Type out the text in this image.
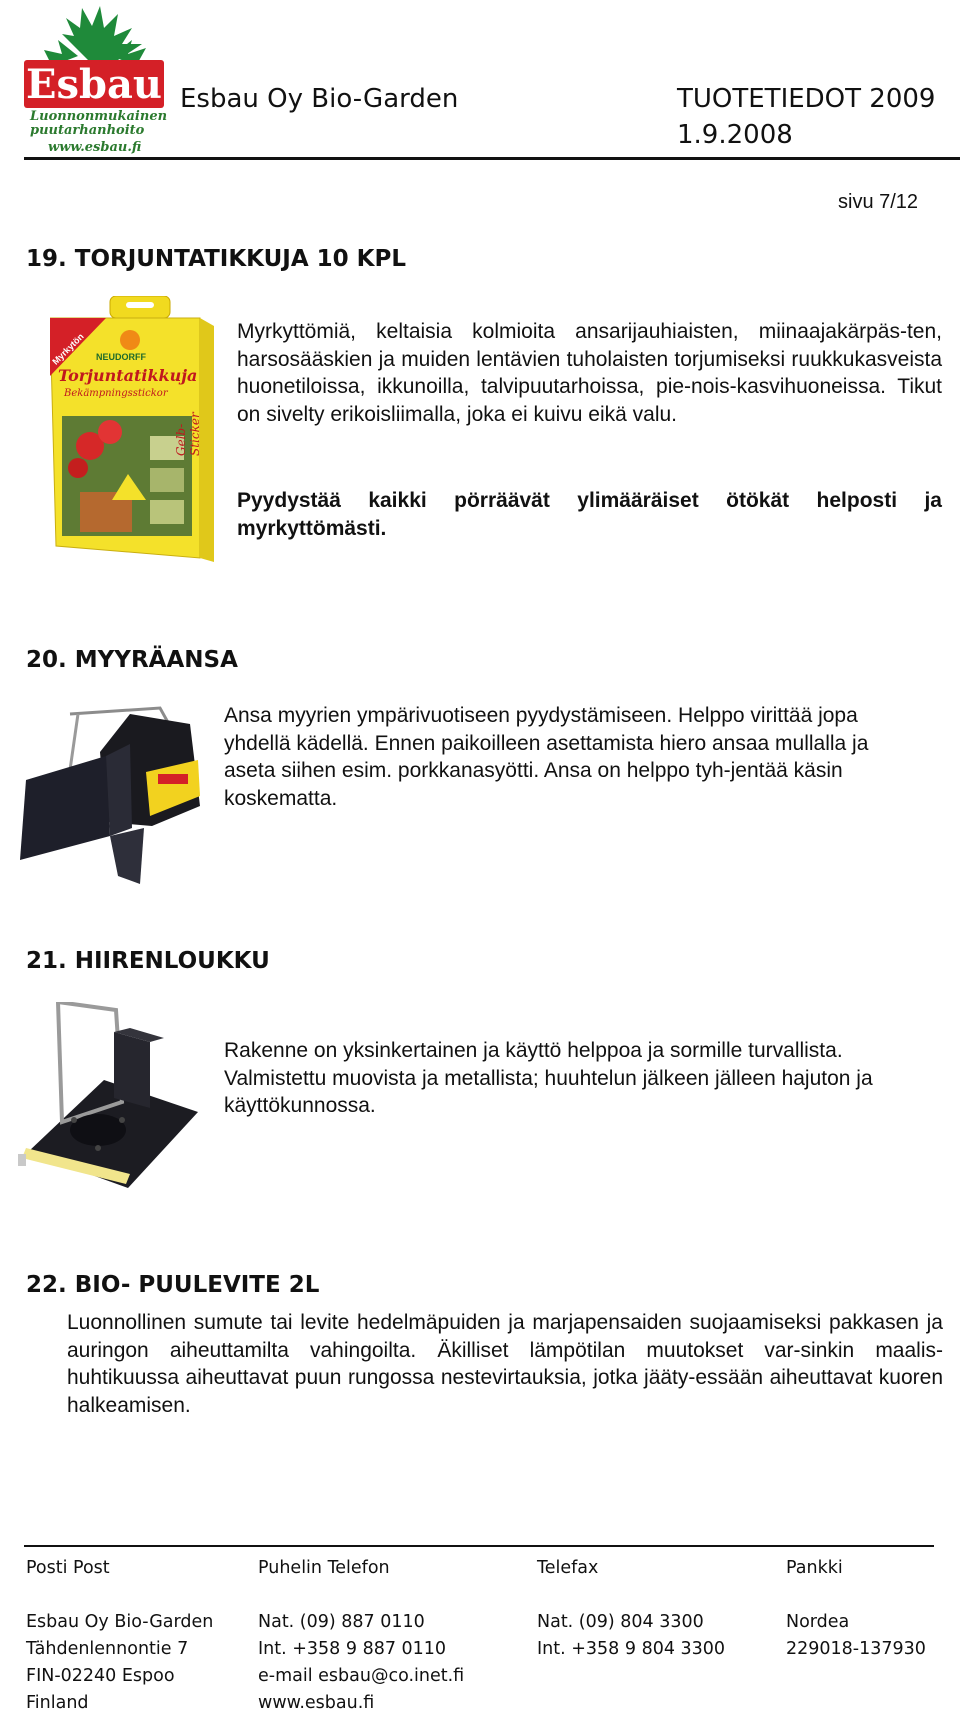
Esbau
Luonnonmukainen puutarhanhoito
www.esbau.fi
Esbau Oy Bio-Garden	TUOTETIEDOT 2009
1.9.2008
sivu 7/12
19. TORJUNTATIKKUJA 10 KPL
Myrkytön NEUDORFF
Torjuntatikkuja
Bekämpningsstickor
Gelb-Sticker
Myrkyttömiä, keltaisia kolmioita ansarijauhiaisten, miinaajakärpäs-ten, harsosääskien ja muiden lentävien tuholaisten torjumiseksi ruukkukasveista huonetiloissa, ikkunoilla, talvipuutarhoissa, pie-nois-kasvihuoneissa. Tikut on sivelty erikoisliimalla, joka ei kuivu eikä valu.
Pyydystää kaikki pörräävät ylimääräiset ötökät helposti ja myrkyttömästi.
20. MYYRÄANSA
Ansa myyrien ympärivuotiseen pyydystämiseen. Helppo virittää jopa yhdellä kädellä. Ennen paikoilleen asettamista hiero ansaa mullalla ja aseta siihen esim. porkkanasyötti. Ansa on helppo tyh-jentää käsin koskematta.
21. HIIRENLOUKKU
Rakenne on yksinkertainen ja käyttö helppoa ja sormille turvallista. Valmistettu muovista ja metallista; huuhtelun jälkeen jälleen hajuton ja käyttökunnossa.
22. BIO- PUULEVITE 2L
Luonnollinen sumute tai levite hedelmäpuiden ja marjapensaiden suojaamiseksi pakkasen ja auringon aiheuttamilta vahingoilta. Äkilliset lämpötilan muutokset var-sinkin maalis- huhtikuussa aiheuttavat puun rungossa nestevirtauksia, jotka jääty-essään aiheuttavat kuoren halkeamisen.
Posti Post
Esbau Oy Bio-Garden
Tähdenlennontie 7
FIN-02240 Espoo
Finland
Puhelin Telefon
Nat. (09) 887 0110
Int. +358 9 887 0110
e-mail esbau@co.inet.fi
www.esbau.fi
Telefax
Nat. (09) 804 3300
Int. +358 9 804 3300
Pankki
Nordea
229018-137930
